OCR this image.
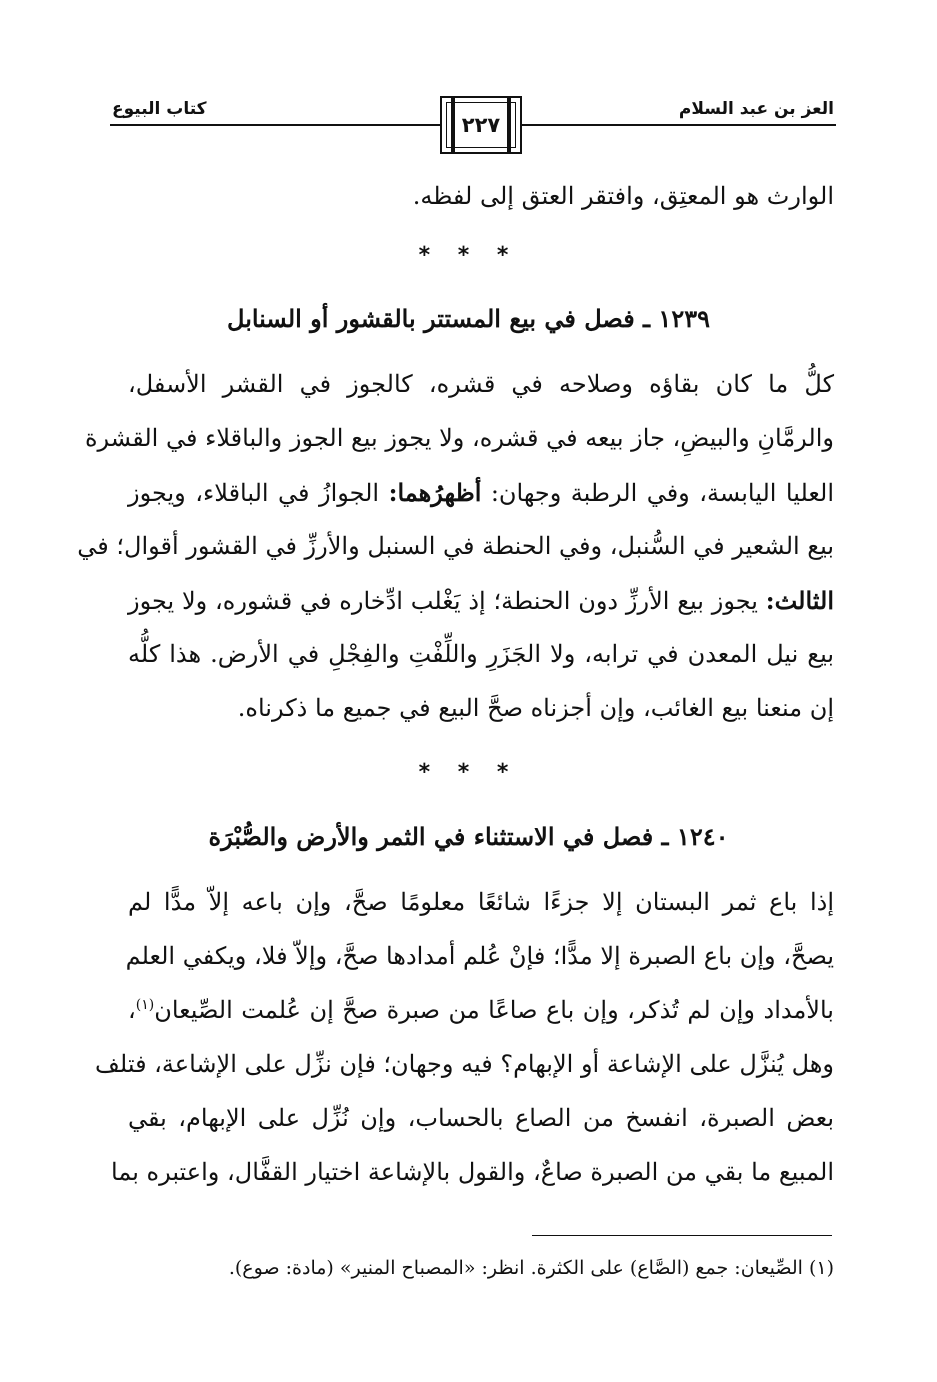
العز بن عبد السلام
كتاب البيوع
٢٢٧
الوارث هو المعتِق، وافتقر العتق إلى لفظه.
* * *
١٢٣٩ ـ فصل في بيع المستتر بالقشور أو السنابل
كلُّ ما كان بقاؤه وصلاحه في قشره، كالجوز في القشر الأسفل،
والرمَّانِ والبيضِ، جاز بيعه في قشره، ولا يجوز بيع الجوز والباقلاء في القشرة
العليا اليابسة، وفي الرطبة وجهان: أظهرُهما: الجوازُ في الباقلاء، ويجوز
بيع الشعير في السُّنبل، وفي الحنطة في السنبل والأرزِّ في القشور أقوال؛ في
الثالث: يجوز بيع الأرزِّ دون الحنطة؛ إذ يَغْلب ادِّخاره في قشوره، ولا يجوز
بيع نيل المعدن في ترابه، ولا الجَزَرِ واللِّفْتِ والفِجْلِ في الأرض. هذا كلُّه
إن منعنا بيع الغائب، وإن أجزناه صحَّ البيع في جميع ما ذكرناه.
* * *
١٢٤٠ ـ فصل في الاستثناء في الثمر والأرض والصُّبْرَة
إذا باع ثمر البستان إلا جزءًا شائعًا معلومًا صحَّ، وإن باعه إلاّ مدًّا لم
يصحَّ، وإن باع الصبرة إلا مدًّا؛ فإنْ عُلم أمدادها صحَّ، وإلاّ فلا، ويكفي العلم
بالأمداد وإن لم تُذكر، وإن باع صاعًا من صبرة صحَّ إن عُلمت الصِّيعان$^{(١)}$،
وهل يُنزَّل على الإشاعة أو الإبهام؟ فيه وجهان؛ فإن نزِّل على الإشاعة، فتلف
بعض الصبرة، انفسخ من الصاع بالحساب، وإن نُزِّل على الإبهام، بقي
المبيع ما بقي من الصبرة صاعٌ، والقول بالإشاعة اختيار القفَّال، واعتبره بما
(١) الصِّيعان: جمع (الصَّاع) على الكثرة. انظر: «المصباح المنير» (مادة: صوع).
